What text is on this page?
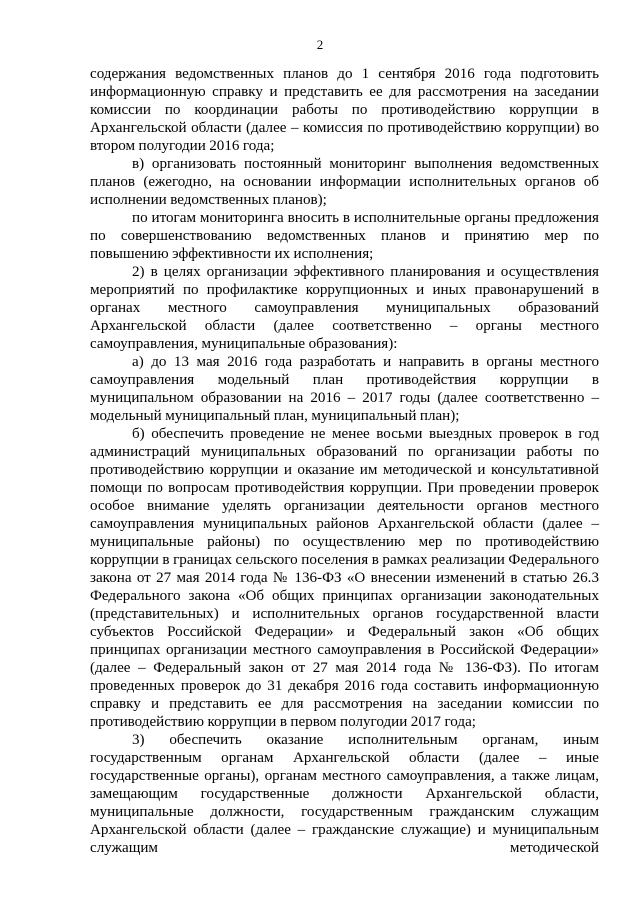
2

содержания ведомственных планов до 1 сентября 2016 года подготовить информационную справку и представить ее для рассмотрения на заседании комиссии по координации работы по противодействию коррупции в Архангельской области (далее – комиссия по противодействию коррупции) во втором полугодии 2016 года;

в) организовать постоянный мониторинг выполнения ведомственных планов (ежегодно, на основании информации исполнительных органов об исполнении ведомственных планов);

по итогам мониторинга вносить в исполнительные органы предложения по совершенствованию ведомственных планов и принятию мер по повышению эффективности их исполнения;

2) в целях организации эффективного планирования и осуществления мероприятий по профилактике коррупционных и иных правонарушений в органах местного самоуправления муниципальных образований Архангельской области (далее соответственно – органы местного самоуправления, муниципальные образования):

а) до 13 мая 2016 года разработать и направить в органы местного самоуправления модельный план противодействия коррупции в муниципальном образовании на 2016 – 2017 годы (далее соответственно – модельный муниципальный план, муниципальный план);

б) обеспечить проведение не менее восьми выездных проверок в год администраций муниципальных образований по организации работы по противодействию коррупции и оказание им методической и консультативной помощи по вопросам противодействия коррупции. При проведении проверок особое внимание уделять организации деятельности органов местного самоуправления муниципальных районов Архангельской области (далее – муниципальные районы) по осуществлению мер по противодействию коррупции в границах сельского поселения в рамках реализации Федерального закона от 27 мая 2014 года № 136-ФЗ «О внесении изменений в статью 26.3 Федерального закона «Об общих принципах организации законодательных (представительных) и исполнительных органов государственной власти субъектов Российской Федерации» и Федеральный закон «Об общих принципах организации местного самоуправления в Российской Федерации» (далее – Федеральный закон от 27 мая 2014 года № 136-ФЗ). По итогам проведенных проверок до 31 декабря 2016 года составить информационную справку и представить ее для рассмотрения на заседании комиссии по противодействию коррупции в первом полугодии 2017 года;

3) обеспечить оказание исполнительным органам, иным государственным органам Архангельской области (далее – иные государственные органы), органам местного самоуправления, а также лицам, замещающим государственные должности Архангельской области, муниципальные должности, государственным гражданским служащим Архангельской области (далее – гражданские служащие) и муниципальным служащим методической
